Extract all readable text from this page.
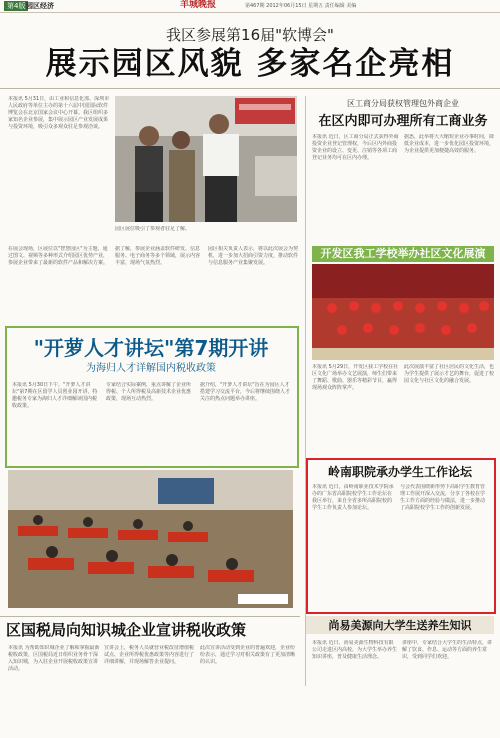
第4版 园区经济	羊城晚报	第467期 2012年06月15日 星期五 责任编辑 美编
我区参展第16届"软博会"
展示园区风貌 多家名企亮相
本报讯 5月31日，由工业和信息化部、深圳市人民政府等单位主办的第十六届中国国际软件博览会在北京国家会议中心开幕。我区组织多家知名企业参展，集中展示园区产业发展成果与投资环境，吸引众多观众驻足参观洽谈。
在展会现场，区展位以"智慧园区"为主题，通过图文、视频等多种形式介绍园区优势产业，参展企业带来了最新的软件产品和解决方案。
园区展位吸引了参观者驻足了解。
据了解，参展企业涵盖软件研发、信息服务、电子商务等多个领域，展示内容丰富，现场气氛热烈。
园区相关负责人表示，将以此次展会为契机，进一步加大招商引资力度，推动软件与信息服务产业集聚发展。
区工商分局获权管理包外商企业
在区内即可办理所有工商业务
本报讯 近日，区工商分局正式获得外商投资企业登记管理权，今后区内外商投资企业的设立、变更、注销等各项工商登记业务均可在区内办理。
据悉，此举将大大缩短企业办事时间，降低企业成本，进一步优化园区投资环境，为企业提供更加便捷高效的服务。
开发区我工学校举办社区文化展演
本报讯 5月29日，开发区我工学校在社区文化广场举办文艺展演，师生们带来了舞蹈、歌曲、器乐等精彩节目，赢得现场观众阵阵掌声。
此次展演丰富了社区居民的文化生活，也为学生提供了展示才艺的舞台，促进了校园文化与社区文化的融合发展。
"开萝人才讲坛"第7期开讲
为海归人才详解国内税收政策
本报讯 5月30日下午，"开萝人才讲坛"第7期在区留学人员创业园开讲，特邀税务专家为海归人才详细解读国内税收政策。
专家结合实际案例，重点讲解了企业所得税、个人所得税及高新技术企业优惠政策，现场互动热烈。
据介绍，"开萝人才讲坛"旨在为园区人才搭建学习交流平台，今后将继续围绕人才关注的热点问题举办讲座。
岭南职院承办学生工作论坛
本报讯 近日，由岭南职业技术学院承办的广东省高职院校学生工作论坛在我区举行，来自全省多所高职院校的学生工作负责人参加论坛。
与会代表围绕新形势下高职学生教育管理工作展开深入交流，分享了各校在学生工作方面的经验与做法，进一步推动了高职院校学生工作的创新发展。
区国税局向知识城企业宣讲税收政策
本报讯 为帮助知识城企业了解和掌握最新税收政策，区国税局近日组织业务骨干深入知识城，为入驻企业开展税收政策宣讲活动。
宣讲会上，税务人员就营业税改征增值税试点、企业所得税优惠政策等内容进行了详细讲解，并现场解答企业提问。
此次宣讲活动受到企业的普遍欢迎，企业纷纷表示，通过学习对相关政策有了更加清晰的认识。
尚易美源向大学生送养生知识
本报讯 近日，尚易美源生物科技有限公司走进区内高校，为大学生举办养生知识讲座，普及健康生活理念。
讲座中，专家结合大学生的生活特点，讲解了饮食、作息、运动等方面的养生常识，受到同学们欢迎。
